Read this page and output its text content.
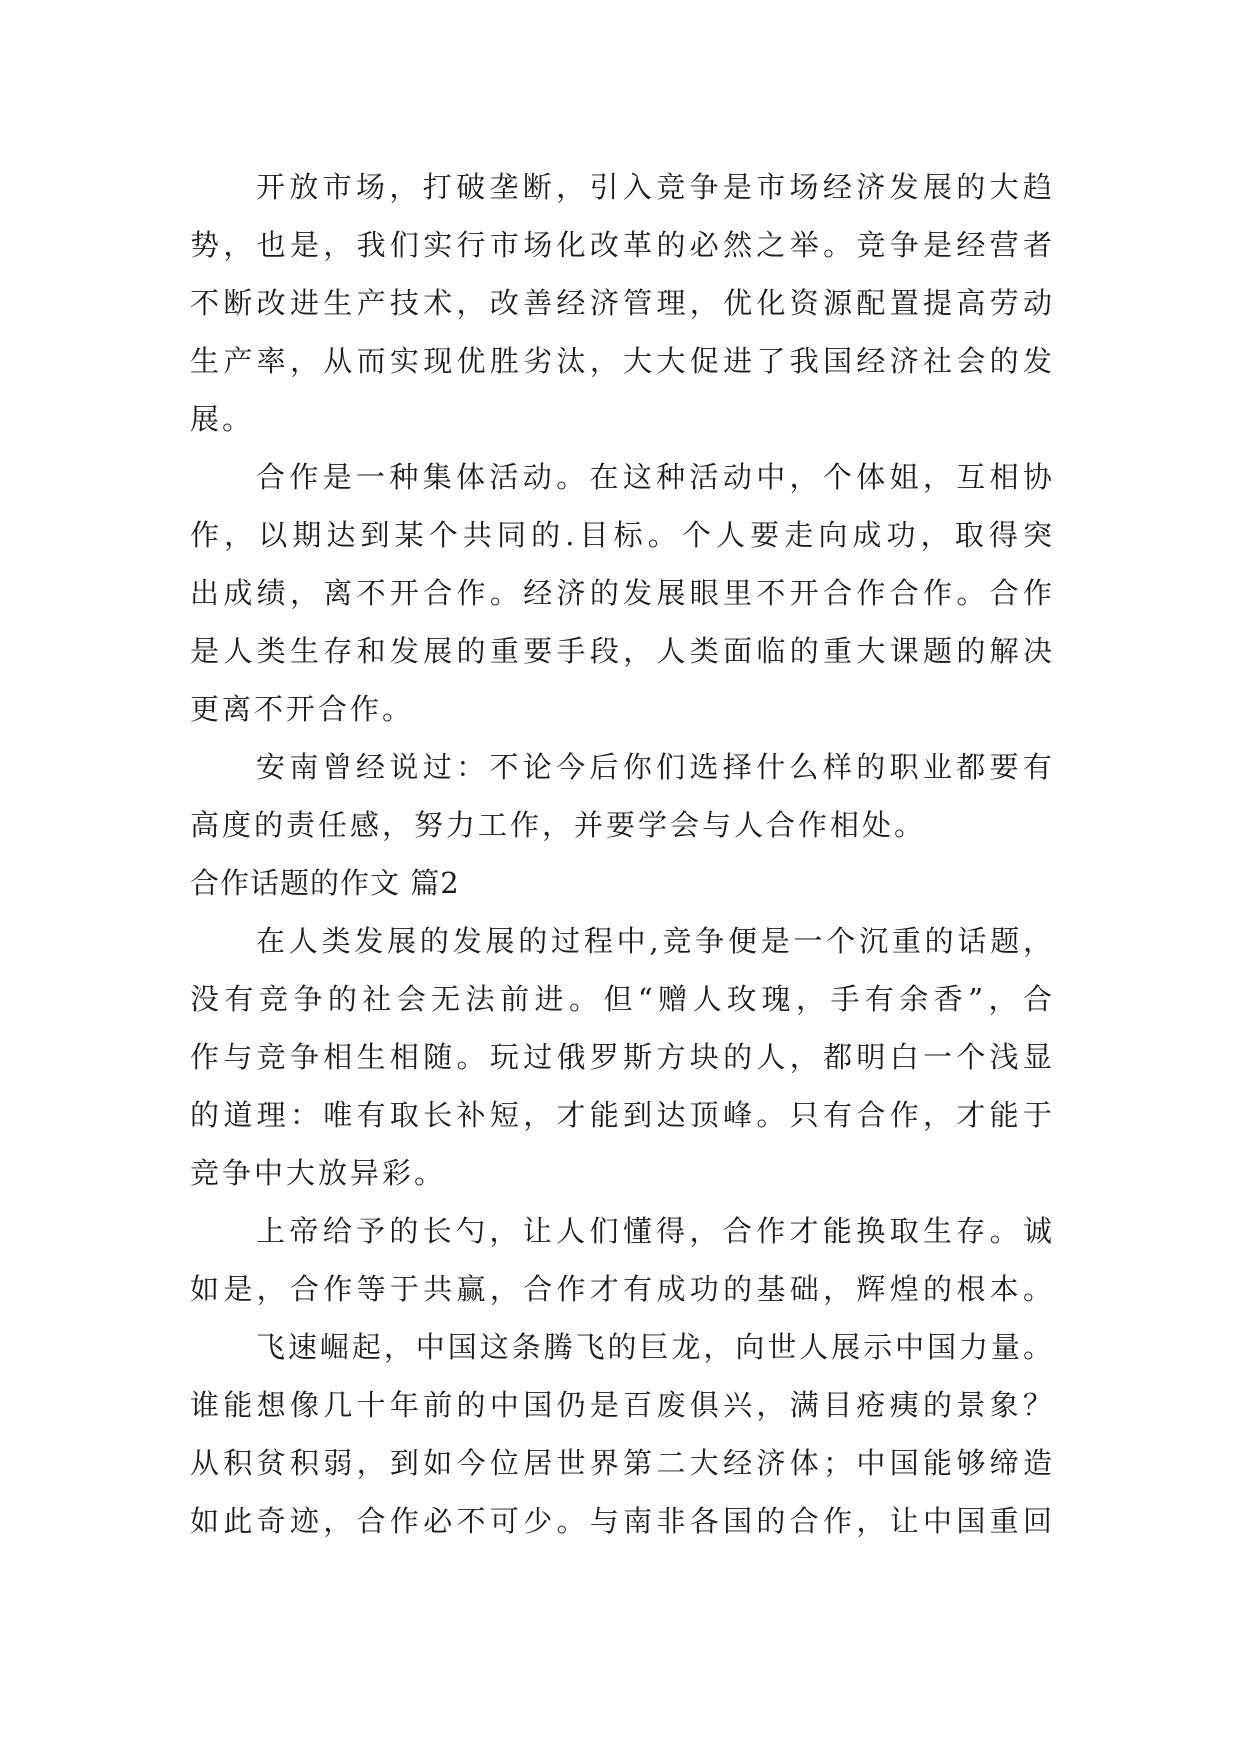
开放市场，打破垄断，引入竞争是市场经济发展的大趋
势，也是，我们实行市场化改革的必然之举。竞争是经营者
不断改进生产技术，改善经济管理，优化资源配置提高劳动
生产率，从而实现优胜劣汰，大大促进了我国经济社会的发
展。
合作是一种集体活动。在这种活动中，个体姐，互相协
作，以期达到某个共同的.目标。个人要走向成功，取得突
出成绩，离不开合作。经济的发展眼里不开合作合作。合作
是人类生存和发展的重要手段，人类面临的重大课题的解决
更离不开合作。
安南曾经说过：不论今后你们选择什么样的职业都要有
高度的责任感，努力工作，并要学会与人合作相处。
合作话题的作文 篇2
在人类发展的发展的过程中,竞争便是一个沉重的话题，
没有竞争的社会无法前进。但“赠人玫瑰，手有余香”，合
作与竞争相生相随。玩过俄罗斯方块的人，都明白一个浅显
的道理：唯有取长补短，才能到达顶峰。只有合作，才能于
竞争中大放异彩。
上帝给予的长勺，让人们懂得，合作才能换取生存。诚
如是，合作等于共赢，合作才有成功的基础，辉煌的根本。
飞速崛起，中国这条腾飞的巨龙，向世人展示中国力量。
谁能想像几十年前的中国仍是百废俱兴，满目疮痍的景象？
从积贫积弱，到如今位居世界第二大经济体；中国能够缔造
如此奇迹，合作必不可少。与南非各国的合作，让中国重回
